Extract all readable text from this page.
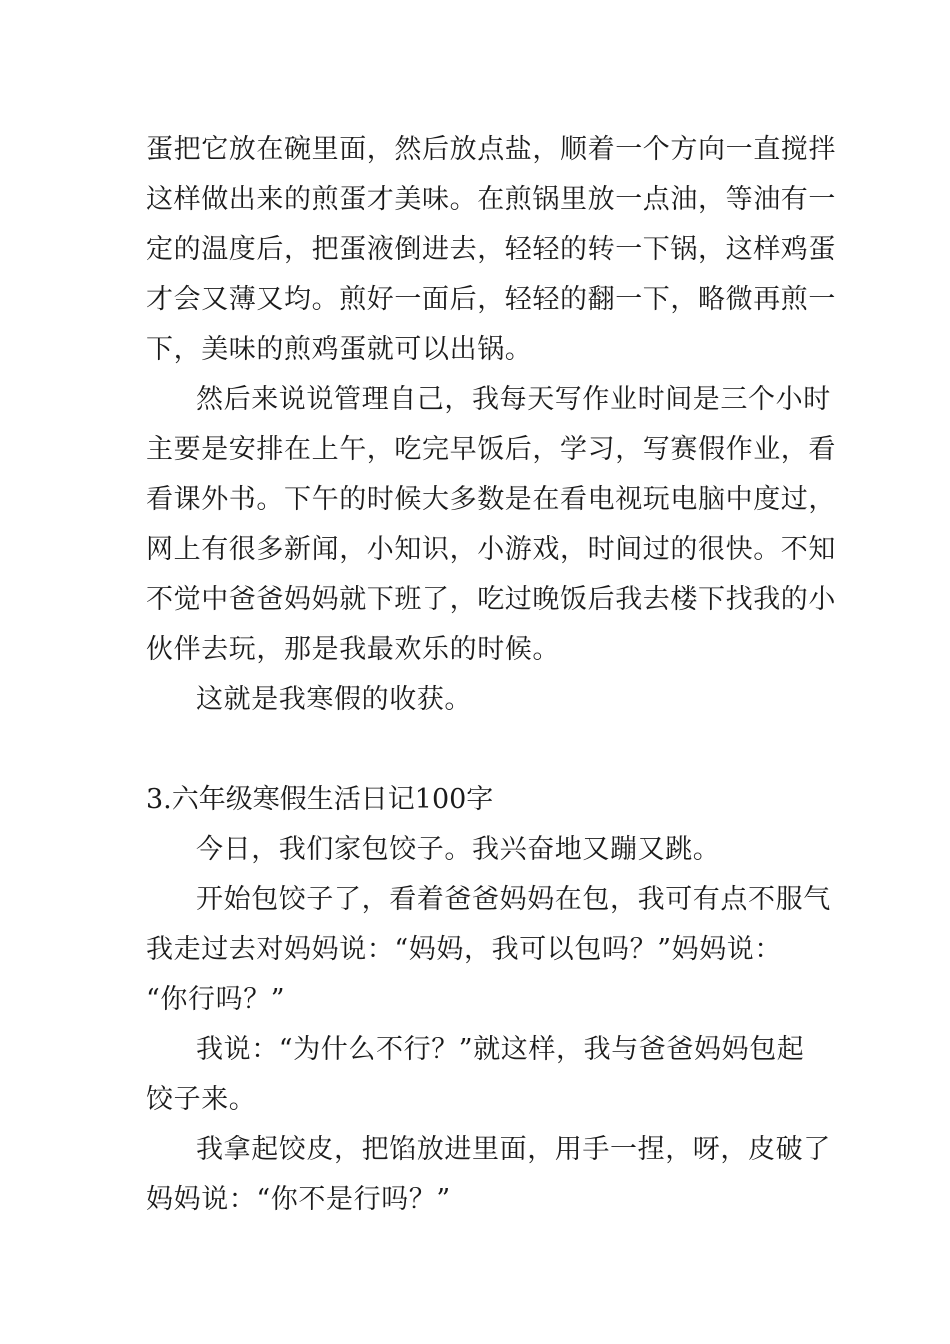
蛋把它放在碗里面，然后放点盐，顺着一个方向一直搅拌
这样做出来的煎蛋才美味。在煎锅里放一点油，等油有一
定的温度后，把蛋液倒进去，轻轻的转一下锅，这样鸡蛋
才会又薄又均。煎好一面后，轻轻的翻一下，略微再煎一
下，美味的煎鸡蛋就可以出锅。
然后来说说管理自己，我每天写作业时间是三个小时
主要是安排在上午，吃完早饭后，学习，写赛假作业，看
看课外书。下午的时候大多数是在看电视玩电脑中度过，
网上有很多新闻，小知识，小游戏，时间过的很快。不知
不觉中爸爸妈妈就下班了，吃过晚饭后我去楼下找我的小
伙伴去玩，那是我最欢乐的时候。
这就是我寒假的收获。
3.六年级寒假生活日记100字
今日，我们家包饺子。我兴奋地又蹦又跳。
开始包饺子了，看着爸爸妈妈在包，我可有点不服气
我走过去对妈妈说：“妈妈，我可以包吗？”妈妈说：
“你行吗？”
我说：“为什么不行？”就这样，我与爸爸妈妈包起
饺子来。
我拿起饺皮，把馅放进里面，用手一捏，呀，皮破了
妈妈说：“你不是行吗？”
